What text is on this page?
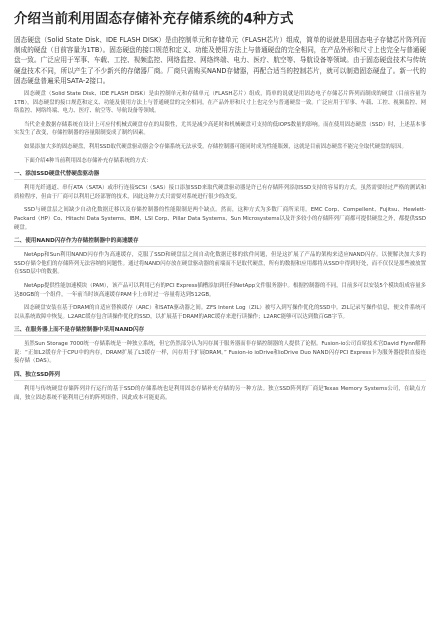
介绍当前利用固态存储补充存储系统的4种方式

固态硬盘（Solid State Disk、IDE FLASH DISK）是由控制单元和存储单元（FLASH芯片）组成，简单的说就是用固态电子存储芯片阵列而制成的硬盘（目前容量为1TB）。固态硬盘的接口规范和定义、功能及使用方法上与普通硬盘的完全相同，在产品外形和尺寸上也完全与普通硬盘一致。广泛应用于军事、车载、工控、视频监控、网络监控、网络终端、电力、医疗、航空等、导航设备等领域。由于固态硬盘技术与传统硬盘技术不同，所以产生了不少新兴的存储器厂商。厂商只需购买NAND存储器，再配合适当的控制芯片，就可以制造固态硬盘了。新一代的固态硬盘普遍采用SATA-2接口。

固态硬盘（Solid State Disk、IDE FLASH DISK）是由控制单元和存储单元（FLASH芯片）组成，简单的说就是用固态电子存储芯片阵列而制成的硬盘（目前容量为1TB）。固态硬盘的接口规范和定义、功能及使用方法上与普通硬盘的完全相同，在产品外形和尺寸上也完全与普通硬盘一致。广泛应用于军事、车载、工控、视频监控、网络监控、网络终端、电力、医疗、航空等、导航设备等领域。

当代企业数据存储系统在设计上可应付机械式硬盘存在的局限性，尤其是减少高延时和机械硬盘可支持的低IOPS数量的影响。而在使用固态硬盘（SSD）时，上述基本事实发生了改变，存储控制器的容量限制变成了制约因素。

如果添加大多的固态硬盘，利用SSD取代硬盘驱动器会令存储系统无法承受。存储控制器可能同时成为性能瓶颈，这就是目前固态硬盘不能完全取代硬盘的原因。

下面介绍4种当前利用固态存储补充存储系统的方式：

一、添加SSD硬盘代替硬盘驱动器

利用光纤通道、串行ATA（SATA）或串行连接SCSI（SAS）接口添加SSD来取代硬盘驱动器是许已有存储阵列添加SSD支持的容易的方式。虽然需要经过严格的测试和质检程序，但由于厂商可以利用已经部署的技术，因此这种方式只需要对系统进行很少的改变。

SSD与硬盘层之间缺少自动化数据迁移以及存储控制器的性能限制是两个缺点。然而，这种方式为多数厂商所采用。EMC Corp、Compellent、Fujitsu、Hewlett-Packard（HP）Co、Hitachi Data Systems、IBM、LSI Corp、Pillar Data Systems、Sun Microsystems以及许多较小的存储阵列厂商都可提供硬盘之外，都提供SSD硬盘。

二、使用NAND闪存作为存储控制器中的高速缓存

NetApp和Sun利用NAND闪存作为高速缓存，克服了SSD和硬盘层之间自动化数据迁移的软件问题，但是这扩展了产品的架构来适应NAND闪存。以便解决加大多的SSD存储令他们的存储阵列无法容纳的问题性。通过将NAND闪存放在硬盘驱动器的前端而不是取代硬盘，所有的数据和应用都将从SSD中得到好处，而不仅仅是那些被放置在SSD层中的数据。

NetApp提供性能加速模块（PAM），该产品可以利用已有的PCI Express插槽添加到任何NetApp文件服务器中。根据控制器的不同，目前多可以安装5个模块组成容量多达80GB的一个组件，一年前当时该高速缓存PAM卡上市时过一容量将达到512GB。

固态硬盘安装在基于DRAM的自适应替换缓存（ARC）和SATA驱动器之间。ZFS Intent Log（ZIL）被写入到写操作优化的SSD中。ZIL记录写操作信息，便文件系统可以从系统故障中恢复。L2ARC缓存包含读操作优化的SSD，以扩展基于DRAM的ARC缓存来进行读操作；L2ARC能够可以达到数百GB字节。

三、在服务器上而不是存储控制器中采用NAND闪存

虽然Sun Storage 7000统一存储系统是一种独立系统，但它仍然部分认为闪存属于服务器而非存储控制器的人提供了论据。Fusion-io公司首席技术官David Flynn解释说：“正如L2缓存介于CPU中的内存，DRAM扩展了L3缓存一样，闪存用于扩展DRAM。” Fusion-io ioDrive和ioDrive Duo NAND闪存PCI Express卡为服务器提供直接连接存储（DAS）。

四、独立SSD阵列

利用与传统硬盘存储阵列并行运行的基于SSD的存储系统也是利用固态存储补充存储的另一种方法。独立SSD阵列的厂商是Texas Memory Systems公司，在缺点方面，独立固态系统不能利用已有的阵列组件，因此成本可能更高。
